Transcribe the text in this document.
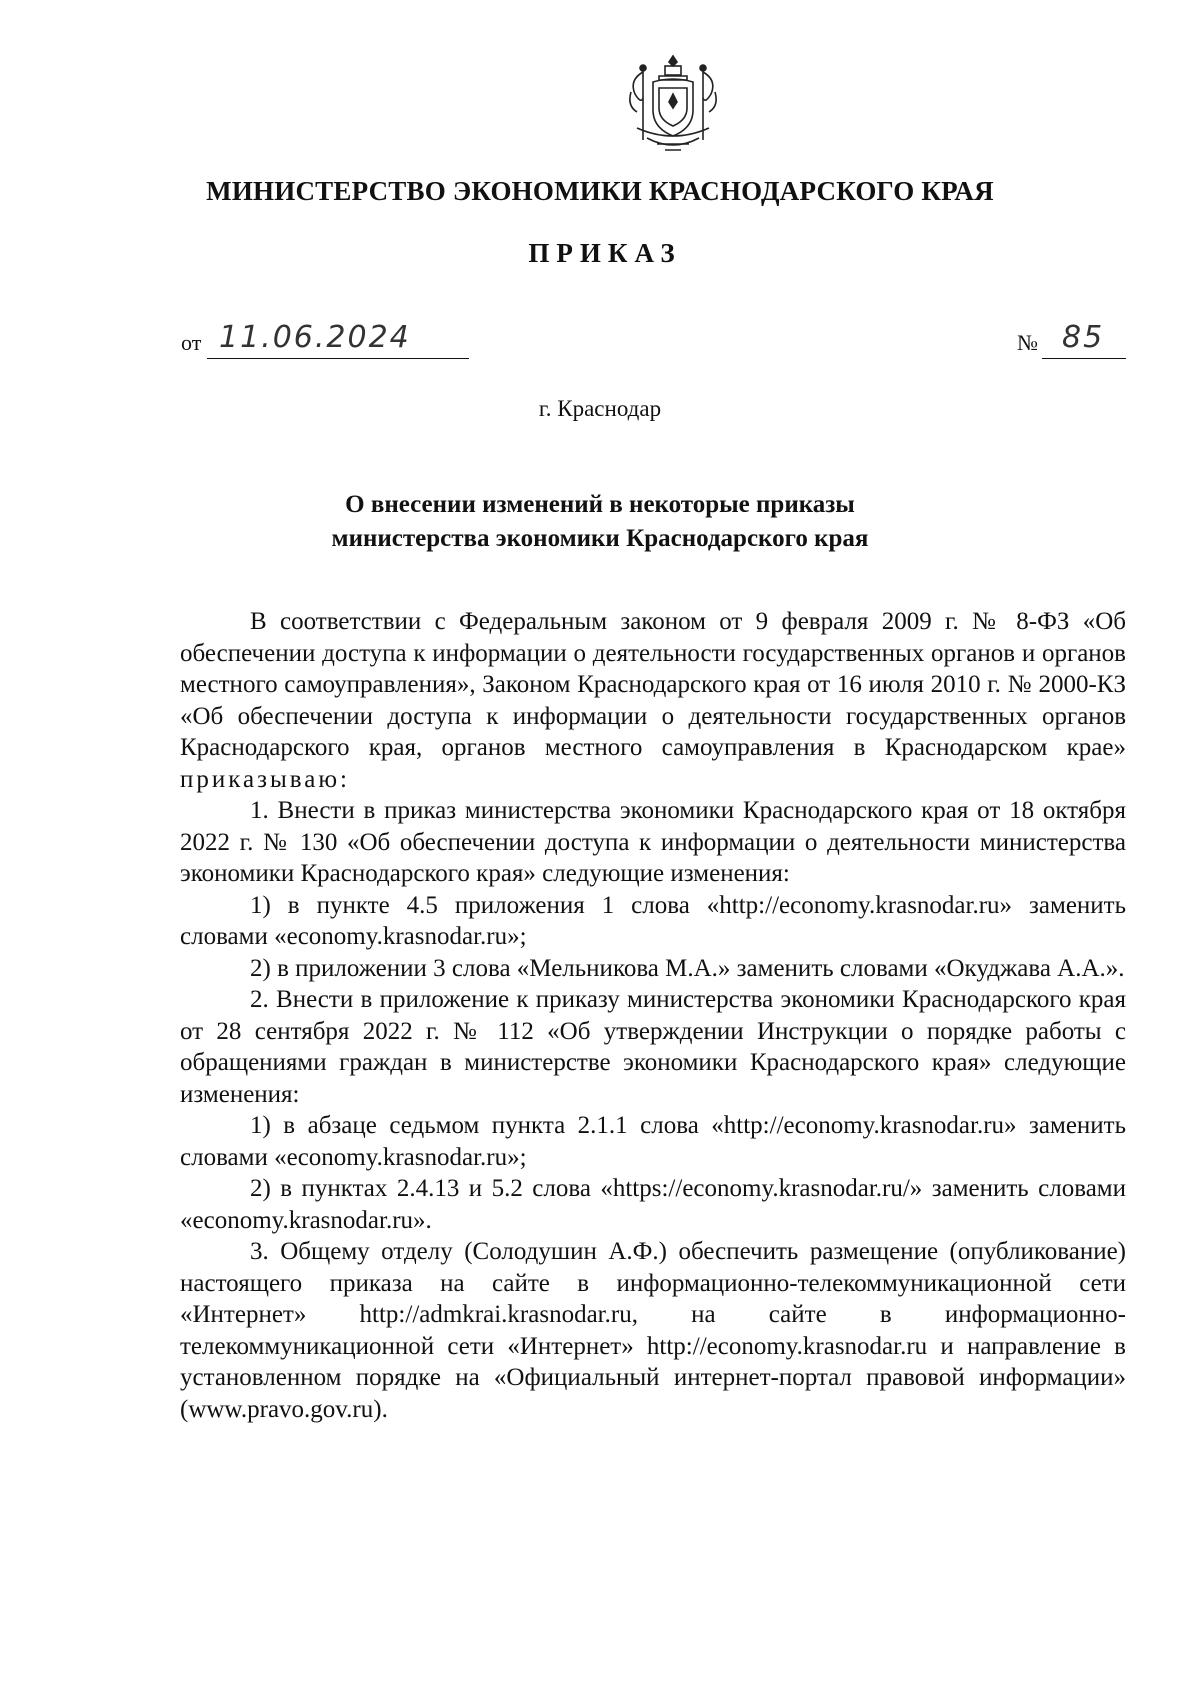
МИНИСТЕРСТВО ЭКОНОМИКИ КРАСНОДАРСКОГО КРАЯ
ПРИКАЗ
от 11.06.2024	№ 85
г. Краснодар
О внесении изменений в некоторые приказы
министерства экономики Краснодарского края

В соответствии с Федеральным законом от 9 февраля 2009 г. № 8-ФЗ «Об обеспечении доступа к информации о деятельности государственных органов и органов местного самоуправления», Законом Краснодарского края от 16 июля 2010 г. № 2000-КЗ «Об обеспечении доступа к информации о деятельности государственных органов Краснодарского края, органов местного самоуправления в Краснодарском крае» приказываю:

1. Внести в приказ министерства экономики Краснодарского края от 18 октября 2022 г. № 130 «Об обеспечении доступа к информации о деятельности министерства экономики Краснодарского края» следующие изменения:

1) в пункте 4.5 приложения 1 слова «http://economy.krasnodar.ru» заменить словами «economy.krasnodar.ru»;

2) в приложении 3 слова «Мельникова М.А.» заменить словами «Окуджава А.А.».

2. Внести в приложение к приказу министерства экономики Краснодарского края от 28 сентября 2022 г. № 112 «Об утверждении Инструкции о порядке работы с обращениями граждан в министерстве экономики Краснодарского края» следующие изменения:

1) в абзаце седьмом пункта 2.1.1 слова «http://economy.krasnodar.ru» заменить словами «economy.krasnodar.ru»;

2) в пунктах 2.4.13 и 5.2 слова «https://economy.krasnodar.ru/» заменить словами «economy.krasnodar.ru».

3. Общему отделу (Солодушин А.Ф.) обеспечить размещение (опубликование) настоящего приказа на сайте в информационно-телекоммуникационной сети «Интернет» http://admkrai.krasnodar.ru, на сайте в информационно-телекоммуникационной сети «Интернет» http://economy.krasnodar.ru и направление в установленном порядке на «Официальный интернет-портал правовой информации» (www.pravo.gov.ru).
